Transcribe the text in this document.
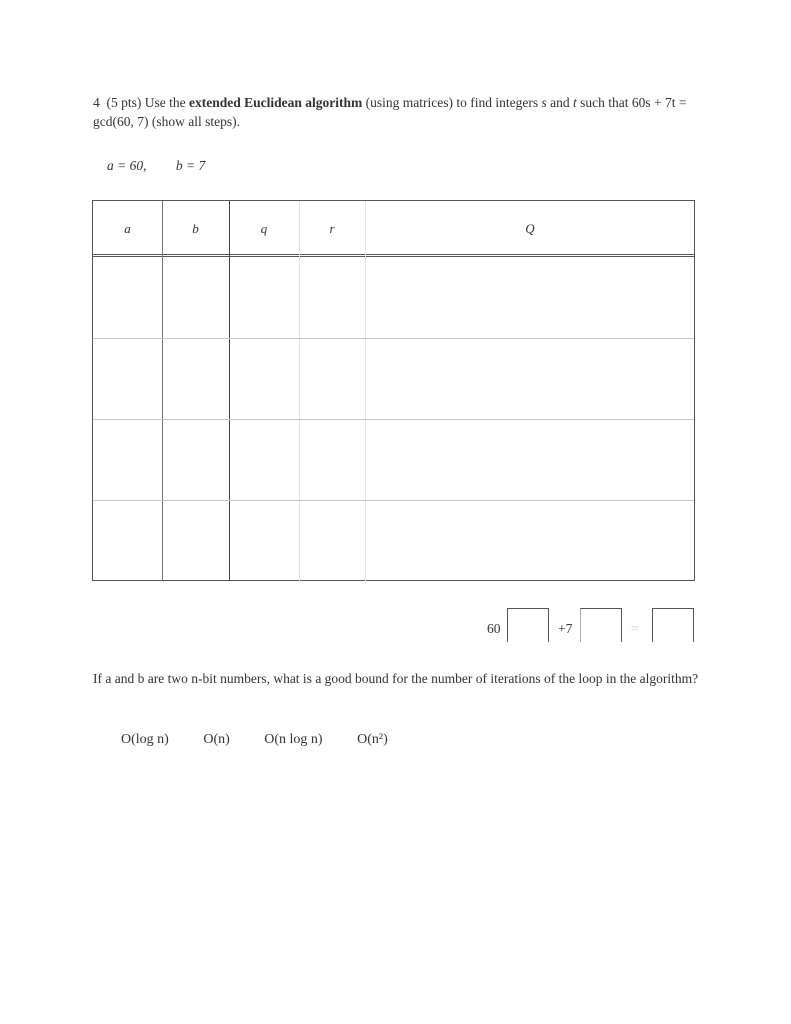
4 (5 pts) Use the extended Euclidean algorithm (using matrices) to find integers s and t such that 60s + 7t = gcd(60, 7) (show all steps).
a = 60, b = 7
a	b	q	r	Q
60	+7	=
If a and b are two n-bit numbers, what is a good bound for the number of iterations of the loop in the algorithm?
O(log n) O(n) O(n log n) O(n²)
